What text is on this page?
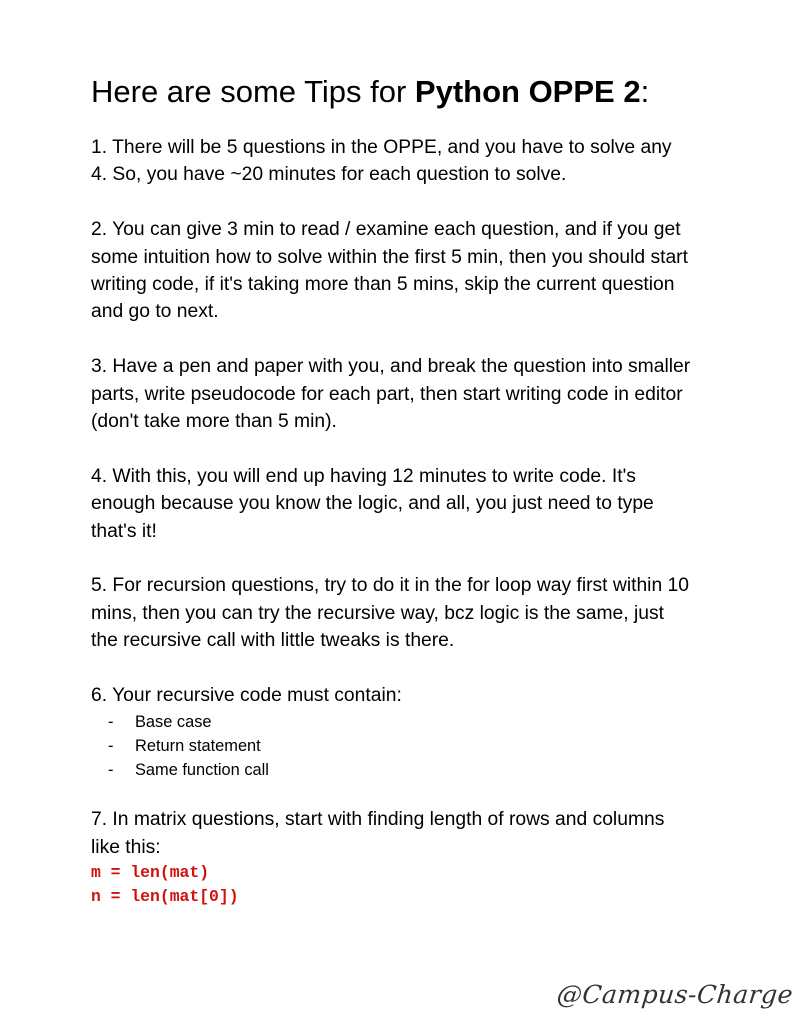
Here are some Tips for Python OPPE 2:

1. There will be 5 questions in the OPPE, and you have to solve any 4. So, you have ~20 minutes for each question to solve.

2. You can give 3 min to read / examine each question, and if you get some intuition how to solve within the first 5 min, then you should start writing code, if it's taking more than 5 mins, skip the current question and go to next.

3. Have a pen and paper with you, and break the question into smaller parts, write pseudocode for each part, then start writing code in editor (don't take more than 5 min).

4. With this, you will end up having 12 minutes to write code. It's enough because you know the logic, and all, you just need to type that's it!

5. For recursion questions, try to do it in the for loop way first within 10 mins, then you can try the recursive way, bcz logic is the same, just the recursive call with little tweaks is there.

6. Your recursive code must contain:

- Base case
- Return statement
- Same function call

7. In matrix questions, start with finding length of rows and columns like this:

m = len(mat)
n = len(mat[0])
@Campus-Charge
